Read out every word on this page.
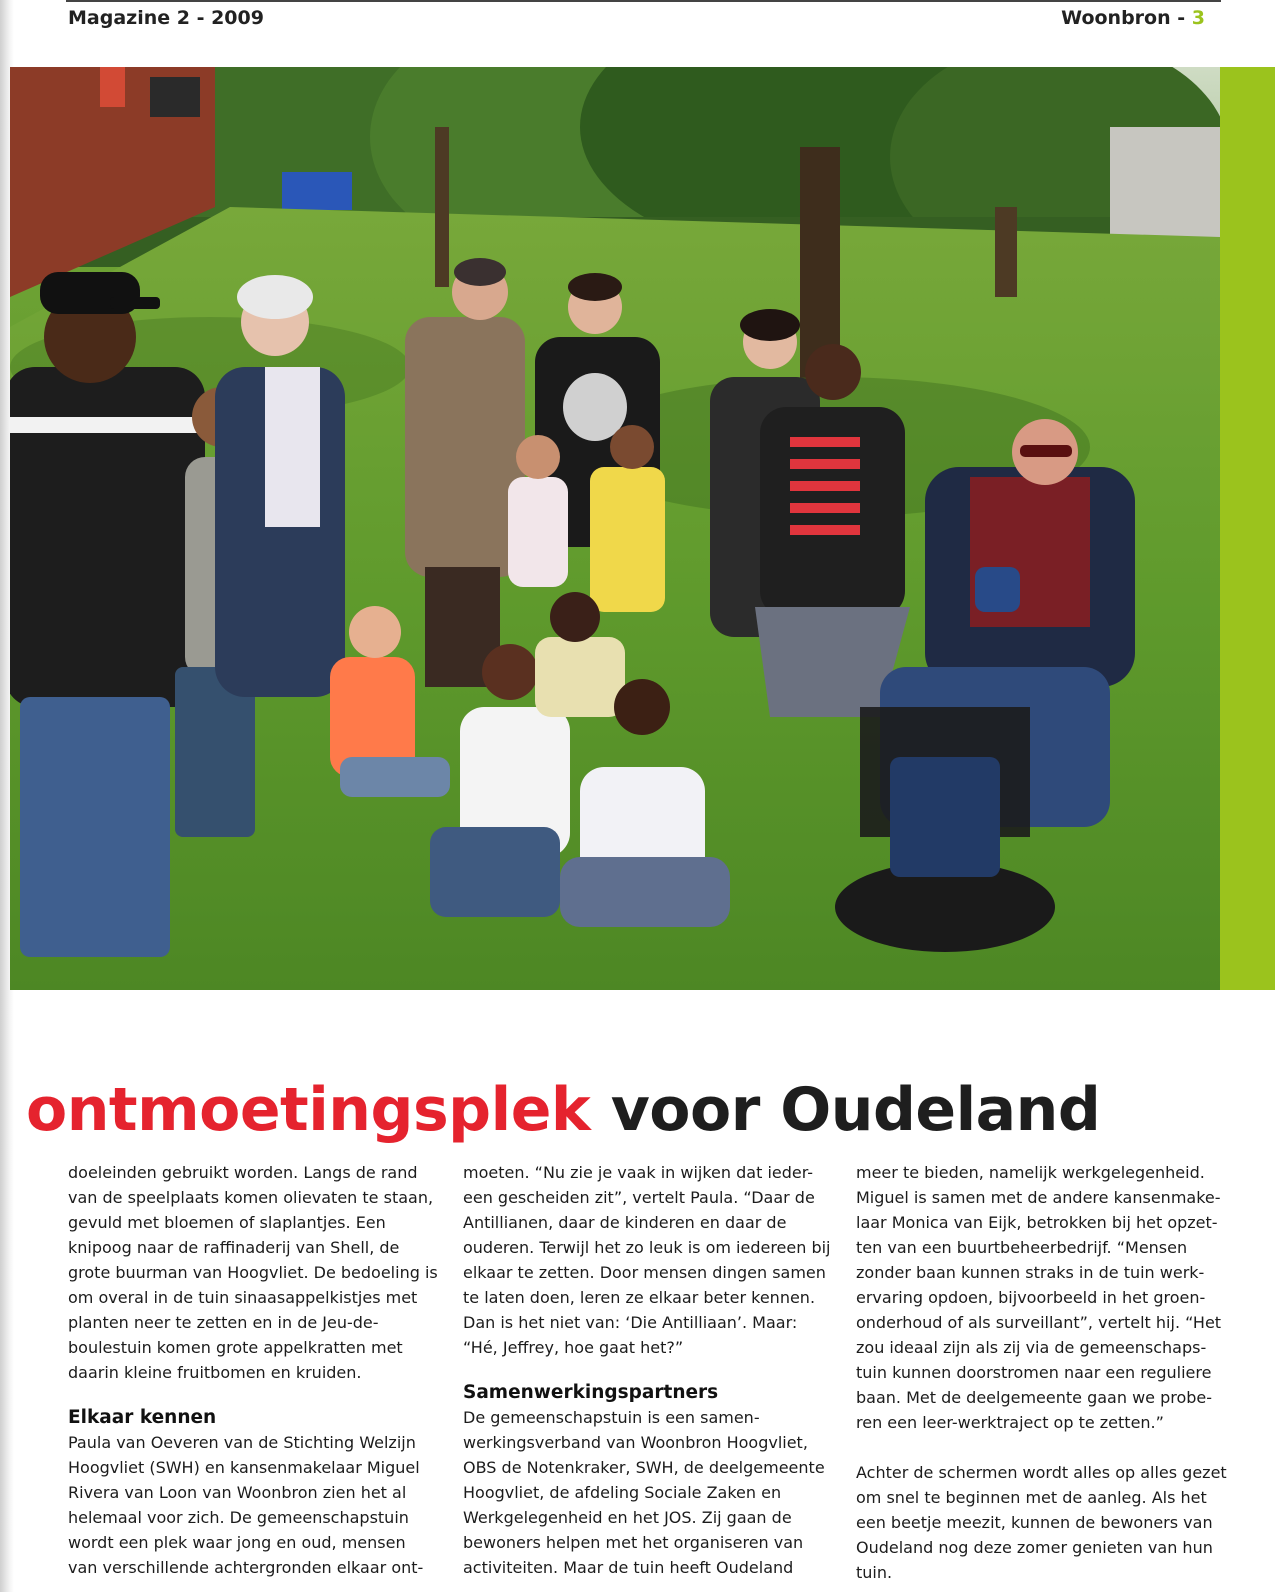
Magazine 2 - 2009	Woonbron - 3
ontmoetingsplek voor Oudeland

doeleinden gebruikt worden. Langs de rand van de speelplaats komen olievaten te staan, gevuld met bloemen of slaplantjes. Een knipoog naar de raffinaderij van Shell, de grote buurman van Hoogvliet. De bedoeling is om overal in de tuin sinaasappelkistjes met planten neer te zetten en in de Jeu-de-boulestuin komen grote appelkratten met daarin kleine fruitbomen en kruiden.

Elkaar kennen

Paula van Oeveren van de Stichting Welzijn Hoogvliet (SWH) en kansenmakelaar Miguel Rivera van Loon van Woonbron zien het al helemaal voor zich. De gemeenschapstuin wordt een plek waar jong en oud, mensen van verschillende achtergronden elkaar ont-

moeten. “Nu zie je vaak in wijken dat ieder-een gescheiden zit”, vertelt Paula. “Daar de Antillianen, daar de kinderen en daar de ouderen. Terwijl het zo leuk is om iedereen bij elkaar te zetten. Door mensen dingen samen te laten doen, leren ze elkaar beter kennen. Dan is het niet van: ‘Die Antilliaan’. Maar: “Hé, Jeffrey, hoe gaat het?”

Samenwerkingspartners

De gemeenschapstuin is een samen-werkingsverband van Woonbron Hoogvliet, OBS de Notenkraker, SWH, de deelgemeente Hoogvliet, de afdeling Sociale Zaken en Werkgelegenheid en het JOS. Zij gaan de bewoners helpen met het organiseren van activiteiten. Maar de tuin heeft Oudeland

meer te bieden, namelijk werkgelegenheid. Miguel is samen met de andere kansenmake-laar Monica van Eijk, betrokken bij het opzet-ten van een buurtbeheerbedrijf. “Mensen zonder baan kunnen straks in de tuin werk-ervaring opdoen, bijvoorbeeld in het groen-onderhoud of als surveillant”, vertelt hij. “Het zou ideaal zijn als zij via de gemeenschaps-tuin kunnen doorstromen naar een reguliere baan. Met de deelgemeente gaan we probe-ren een leer-werktraject op te zetten.”

Achter de schermen wordt alles op alles gezet om snel te beginnen met de aanleg. Als het een beetje meezit, kunnen de bewoners van Oudeland nog deze zomer genieten van hun tuin.
